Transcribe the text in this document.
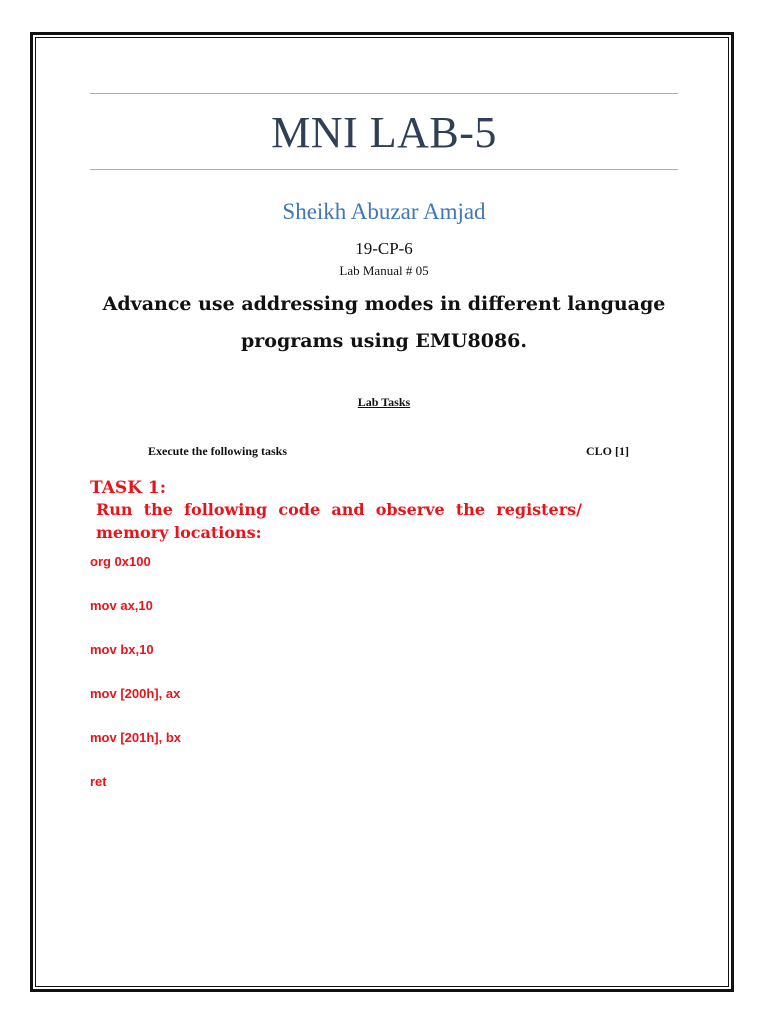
MNI LAB-5
Sheikh Abuzar Amjad
19-CP-6
Lab Manual # 05
Advance use addressing modes in different language programs using EMU8086.
Lab Tasks
Execute the following tasks	CLO [1]
TASK 1:
Run the following code and observe the registers/ memory locations:
org 0x100
mov ax,10
mov bx,10
mov [200h], ax
mov [201h], bx
ret
